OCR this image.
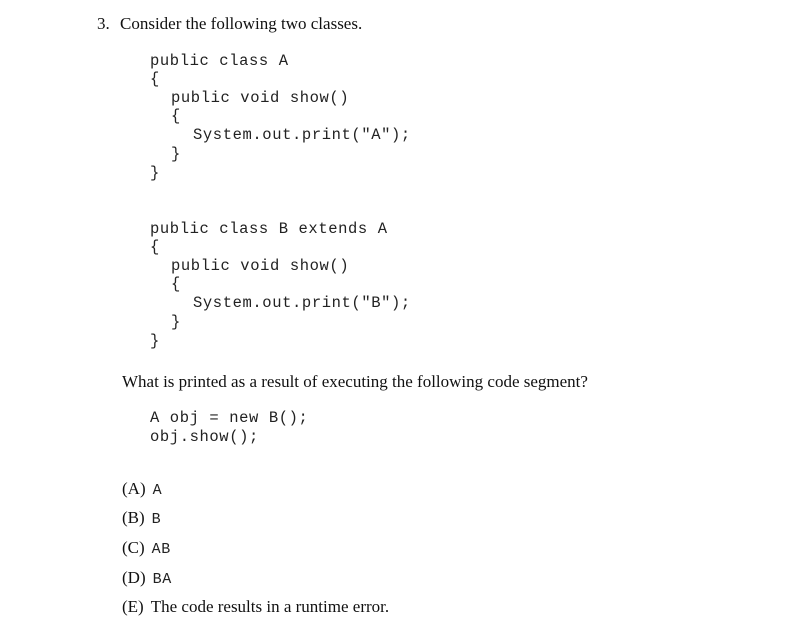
3. Consider the following two classes.
public class A
{
public void show()
{
System.out.print("A");
}
}
public class B extends A
{
public void show()
{
System.out.print("B");
}
}
What is printed as a result of executing the following code segment?
A obj = new B();
obj.show();
(A) A
(B) B
(C) AB
(D) BA
(E) The code results in a runtime error.
